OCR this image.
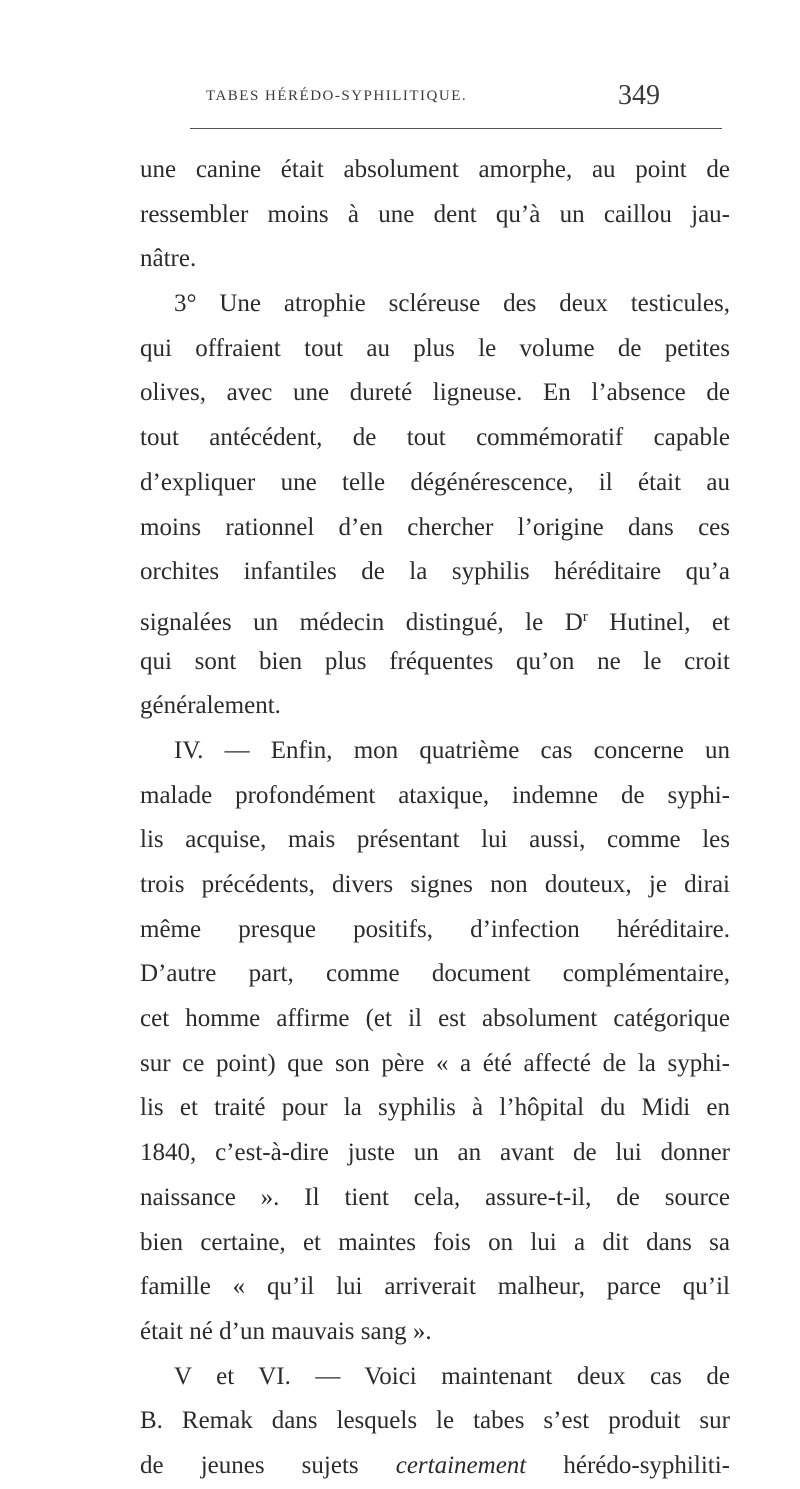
TABES HÉRÉDO-SYPHILITIQUE.	349
une canine était absolument amorphe, au point de
ressembler moins à une dent qu’à un caillou jau-
nâtre.
3° Une atrophie scléreuse des deux testicules,
qui offraient tout au plus le volume de petites
olives, avec une dureté ligneuse. En l’absence de
tout antécédent, de tout commémoratif capable
d’expliquer une telle dégénérescence, il était au
moins rationnel d’en chercher l’origine dans ces
orchites infantiles de la syphilis héréditaire qu’a
signalées un médecin distingué, le $D^r$ Hutinel, et
qui sont bien plus fréquentes qu’on ne le croit
généralement.
IV. — Enfin, mon quatrième cas concerne un
malade profondément ataxique, indemne de syphi-
lis acquise, mais présentant lui aussi, comme les
trois précédents, divers signes non douteux, je dirai
même presque positifs, d’infection héréditaire.
D’autre part, comme document complémentaire,
cet homme affirme (et il est absolument catégorique
sur ce point) que son père « a été affecté de la syphi-
lis et traité pour la syphilis à l’hôpital du Midi en
1840, c’est-à-dire juste un an avant de lui donner
naissance ». Il tient cela, assure-t-il, de source
bien certaine, et maintes fois on lui a dit dans sa
famille « qu’il lui arriverait malheur, parce qu’il
était né d’un mauvais sang ».
V et VI. — Voici maintenant deux cas de
B. Remak dans lesquels le tabes s’est produit sur
de jeunes sujets certainement hérédo-syphiliti-
